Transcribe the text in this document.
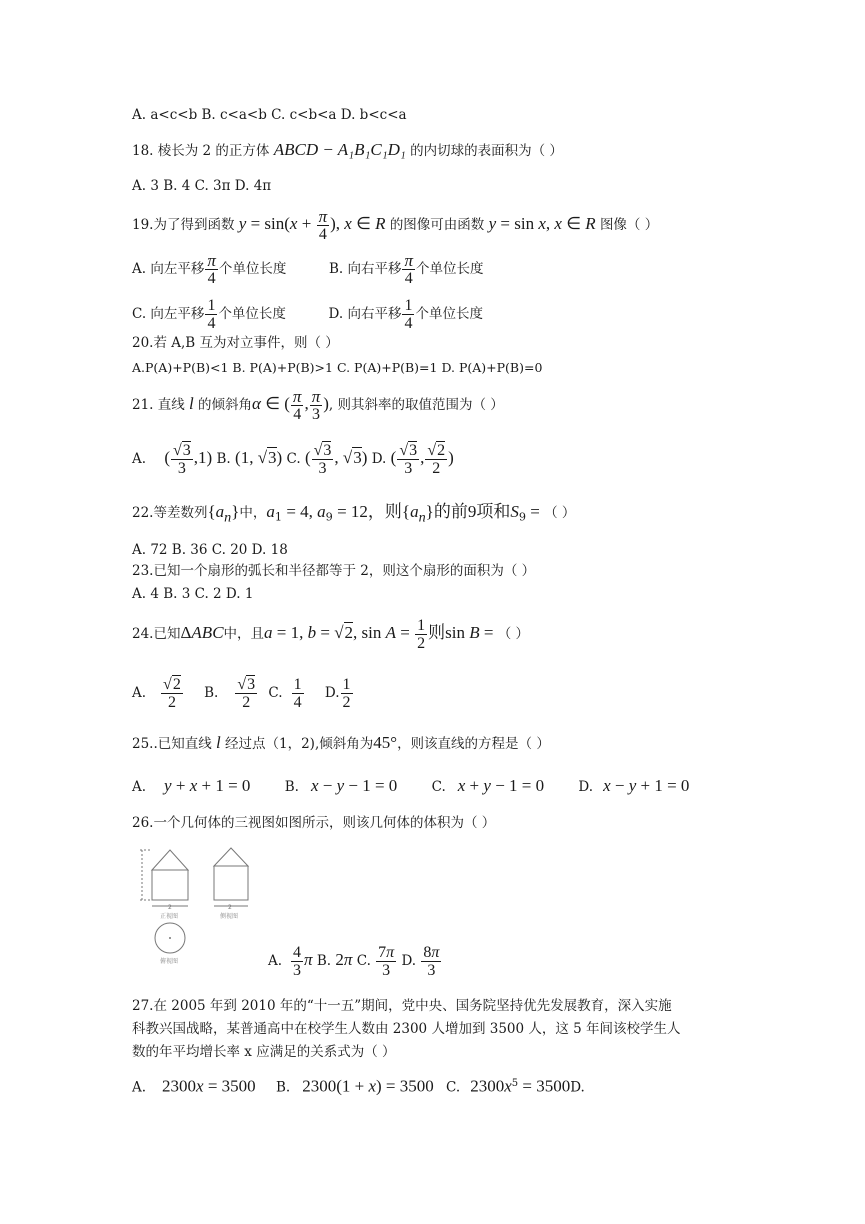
A. a<c<b B. c<a<b C. c<b<a D. b<c<a
18. 棱长为 2 的正方体 ABCD − A₁B₁C₁D₁ 的内切球的表面积为（ ）
A. 3 B. 4 C. 3π D. 4π
19.为了得到函数 $y = \sin(x + \frac{\pi}{4}$ ), x ∈ R 的图像可由函数 y = sin x, x ∈ R 图像（ ）
A. 向左平移 $\frac{\pi}{4}$ 个单位长度	B. 向右平移 $\frac{\pi}{4}$ 个单位长度
C. 向左平移 $\frac{1}{4}$ 个单位长度	D. 向右平移 $\frac{1}{4}$ 个单位长度
20.若 A,B 互为对立事件，则（ ）
A.P(A)+P(B)<1 B. P(A)+P(B)>1 C. P(A)+P(B)=1 D. P(A)+P(B)=0
21. 直线 l 的倾斜角α ∈ ( $\frac{\pi}{4}$ , $\frac{\pi}{3}$ ), 则其斜率的取值范围为（ ）
A. ( $\frac{√3}{3} ,1$) B. (1, √3) C. ( $\frac{√3}{3}$ , √3) D. ( $\frac{√3}{3}$ , $\frac{√2}{2}$ )
22.等差数列$\{a_n\}$中，$a_1 = 4$, $a_9 = 12$，则$\{a_n\}$的前9项和$S_9$ = （ ）
A. 72 B. 36 C. 20 D. 18
23.已知一个扇形的弧长和半径都等于 2，则这个扇形的面积为（ ）
A. 4 B. 3 C. 2 D. 1
24.已知ΔABC中，且a = 1, b = √2, $\sin A = \frac{1}{2}$ 则sin B = （ ）
A. $\frac{√2}{2} B$. $\frac{√3}{2} C$. $\frac{1}{4} D$. $\frac{1}{2}$
25..已知直线 l 经过点（1，2),倾斜角为45°，则该直线的方程是（ ）
A. y + x + 1 = 0	B. x − y − 1 = 0	C. x + y − 1 = 0	D. x − y + 1 = 0
26.一个几何体的三视图如图所示，则该几何体的体积为（ ）
2
正视图
2
侧视图
俯视图	A. $\frac{4}{3}$ π B. 2π C. $\frac{7\pi}{3} D$. $\frac{8\pi}{3}$
27.在 2005 年到 2010 年的“十一五”期间，党中央、国务院坚持优先发展教育，深入实施
科教兴国战略，某普通高中在校学生人数由 2300 人增加到 3500 人，这 5 年间该校学生人
数的年平均增长率 x 应满足的关系式为（ ）
A. 2300x = 3500 B. 2300(1 + x) = 3500 C. $2300x^5 = 3500D$.
